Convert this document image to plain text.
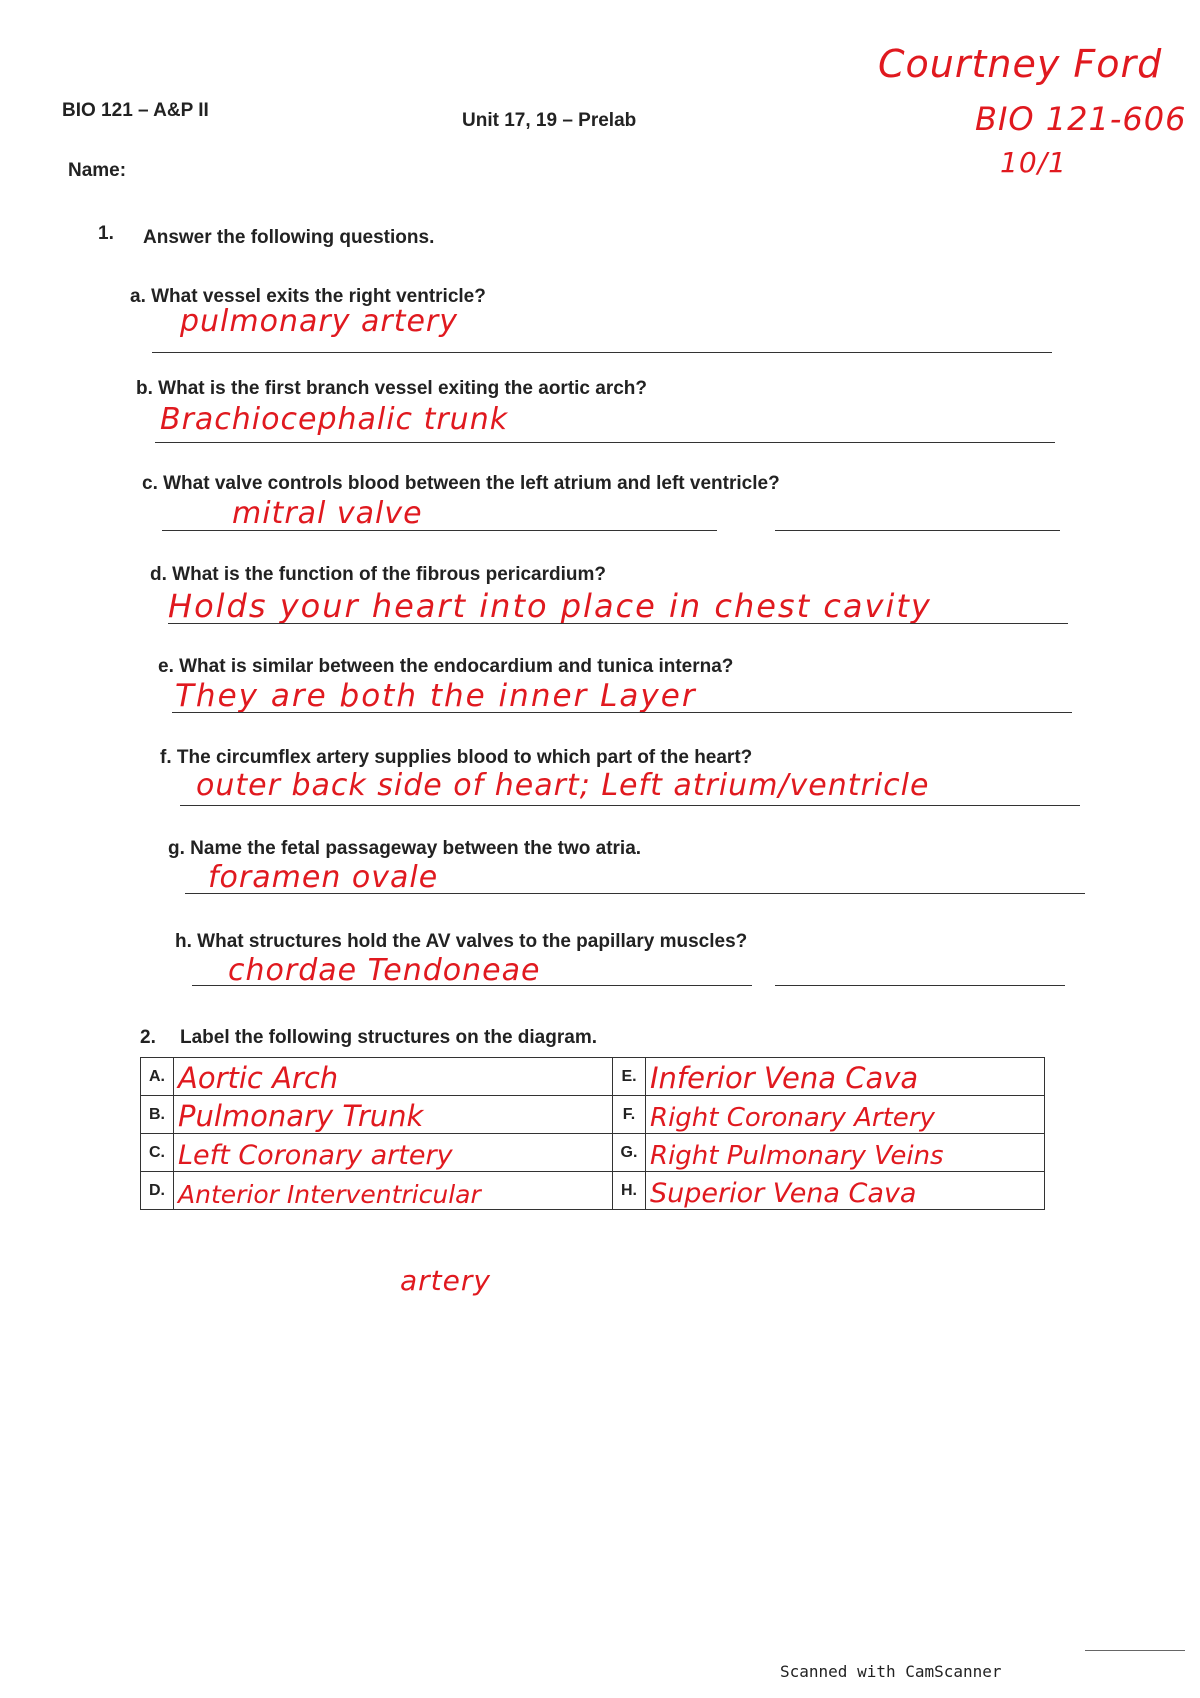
BIO 121 – A&P II	Unit 17, 19 – Prelab
Name:
Courtney Ford
BIO 121-606
10/1
1. Answer the following questions.
a. What vessel exits the right ventricle?
pulmonary artery
b. What is the first branch vessel exiting the aortic arch?
Brachiocephalic trunk
c. What valve controls blood between the left atrium and left ventricle?
mitral valve
d. What is the function of the fibrous pericardium?
Holds your heart into place in chest cavity
e. What is similar between the endocardium and tunica interna?
They are both the inner Layer
f. The circumflex artery supplies blood to which part of the heart?
outer back side of heart; Left atrium/ventricle
g. Name the fetal passageway between the two atria.
foramen ovale
h. What structures hold the AV valves to the papillary muscles?
chordae Tendoneae
2. Label the following structures on the diagram.
A.	Aortic Arch	E.	Inferior Vena Cava
B.	Pulmonary Trunk	F.	Right Coronary Artery
C.	Left Coronary artery	G.	Right Pulmonary Veins
D.	Anterior Interventricular	H.	Superior Vena Cava
artery
Scanned with CamScanner
